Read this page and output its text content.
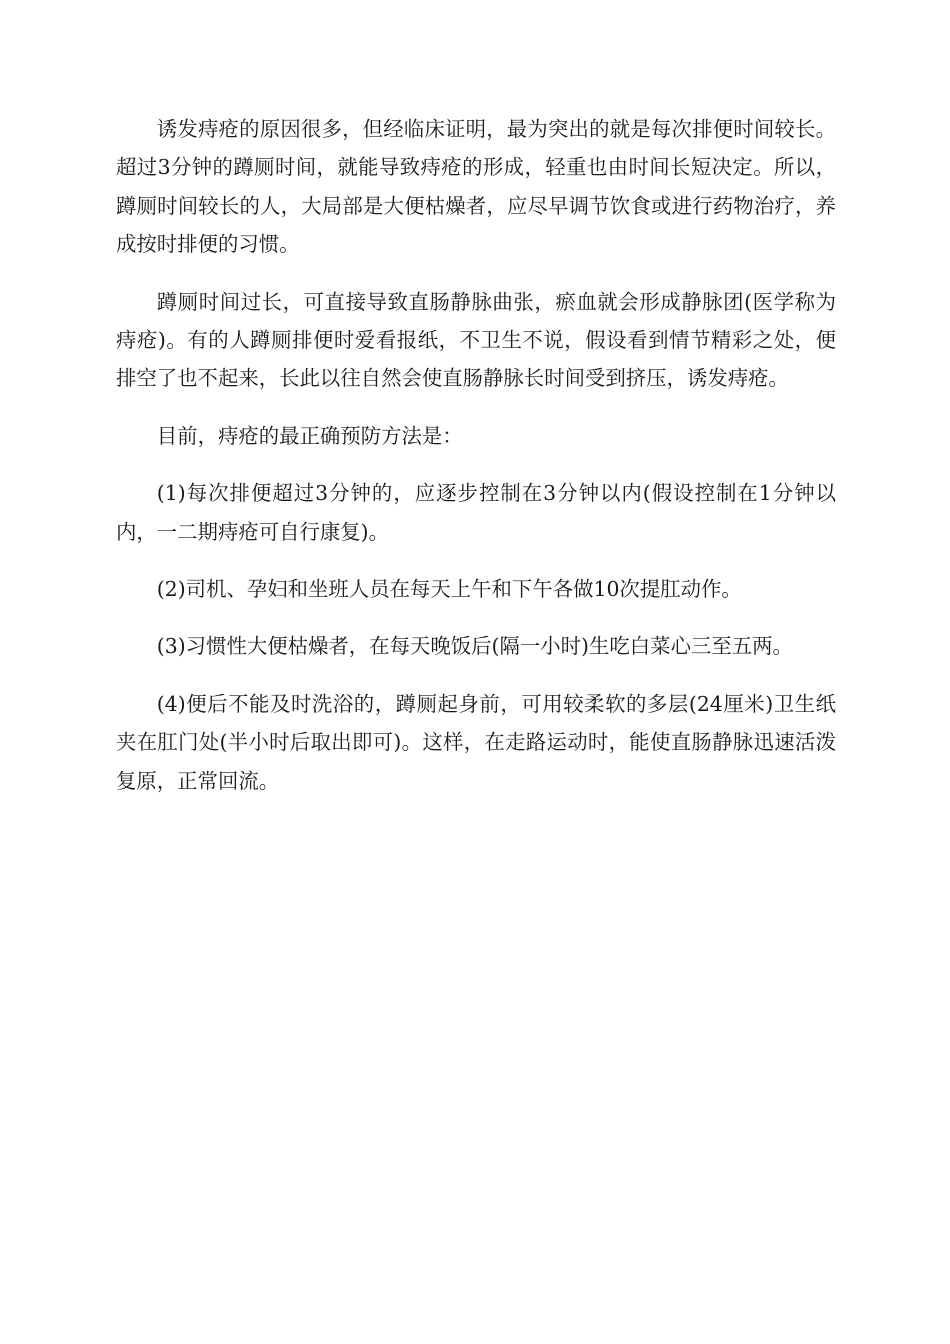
诱发痔疮的原因很多，但经临床证明，最为突出的就是每次排便时间较长。超过3分钟的蹲厕时间，就能导致痔疮的形成，轻重也由时间长短决定。所以，蹲厕时间较长的人，大局部是大便枯燥者，应尽早调节饮食或进行药物治疗，养成按时排便的习惯。

蹲厕时间过长，可直接导致直肠静脉曲张，瘀血就会形成静脉团(医学称为痔疮)。有的人蹲厕排便时爱看报纸，不卫生不说，假设看到情节精彩之处，便排空了也不起来，长此以往自然会使直肠静脉长时间受到挤压，诱发痔疮。

目前，痔疮的最正确预防方法是：

(1)每次排便超过3分钟的，应逐步控制在3分钟以内(假设控制在1分钟以内，一二期痔疮可自行康复)。

(2)司机、孕妇和坐班人员在每天上午和下午各做10次提肛动作。

(3)习惯性大便枯燥者，在每天晚饭后(隔一小时)生吃白菜心三至五两。

(4)便后不能及时洗浴的，蹲厕起身前，可用较柔软的多层(24厘米)卫生纸夹在肛门处(半小时后取出即可)。这样，在走路运动时，能使直肠静脉迅速活泼复原，正常回流。
